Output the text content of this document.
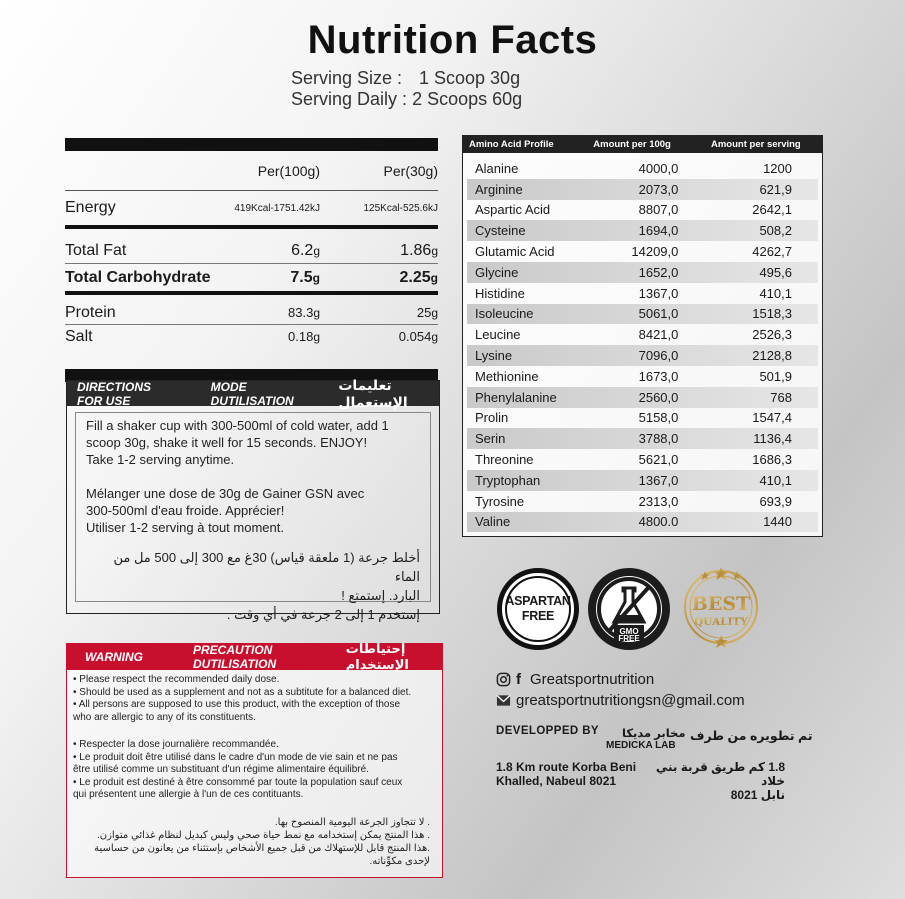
Nutrition Facts
Serving Size : 1 Scoop 30g
Serving Daily :
2 Scoops 60g
Per(100g)	Per(30g)
Energy	419Kcal-1751.42kJ	125Kcal-525.6kJ
Total Fat	6.2g	1.86g
Total Carbohydrate	7.5g	2.25g
Protein	83.3g	25g
Salt	0.18g	0.054g
DIRECTIONS FOR USE
MODE DUTILISATION
تعليمات الإستعمال

Fill a shaker cup with 300-500ml of cold water, add 1

scoop 30g, shake it well for 15 seconds. ENJOY!

Take 1-2 serving anytime.

Mélanger une dose de 30g de Gainer GSN avec

300-500ml d'eau froide. Apprécier!

Utiliser 1-2 serving à tout moment.

أخلط جرعة (1 ملعقة قياس) 30غ مع 300 إلى 500 مل من الماء

البارد. إستمتع !

إستخدم 1 إلى 2 جرعة في أي وقت .

WARNING	PRECAUTION DUTILISATION
إحتياطات الإستخدام

• Please respect the recommended daily dose.

• Should be used as a supplement and not as a subtitute for a balanced diet.

• All persons are supposed to use this product, with the exception of those

who are allergic to any of its constituents.

• Respecter la dose journalière recommandée.

• Le produit doit être utilisé dans le cadre d'un mode de vie sain et ne pas

être utilisé comme un substituant d'un régime alimentaire équilibré.

• Le produit est destiné à être consommé par toute la population sauf ceux

qui présentent une allergie à l'un de ces contituants.

. لا تتجاوز الجرعة اليومية المنصوح بها.

. هذا المنتج يمكن إستخدامه مع نمط حياة صحي وليس كبديل لنظام غذائي متوازن.

.هذا المنتج قابل للإستهلاك من قبل جميع الأشخاص بإستثناء من يعانون من حساسية

لإحدى مكوِّناته.

Amino Acid Profile	Amount per 100g	Amount per serving
Alanine	4000,0	1200
Arginine	2073,0	621,9
Aspartic Acid	8807,0	2642,1
Cysteine	1694,0	508,2
Glutamic Acid	14209,0	4262,7
Glycine	1652,0	495,6
Histidine	1367,0	410,1
Isoleucine	5061,0	1518,3
Leucine	8421,0	2526,3
Lysine	7096,0	2128,8
Methionine	1673,0	501,9
Phenylalanine	2560,0	768
Prolin	5158,0	1547,4
Serin	3788,0	1136,4
Threonine	5621,0	1686,3
Tryptophan	1367,0	410,1
Tyrosine	2313,0	693,9
Valine	4800.0	1440
ASPARTAN
FREE
GMO
FREE
BEST
QUALITY
f Greatsportnutrition
greatsportnutritiongsn@gmail.com
DEVELOPPED BY مخابر مديكا
MEDICKA LAB
تم تطويره من طرف
1.8 Km route Korba Beni
Khalled, Nabeul 8021
1.8 كم طريق قربة بني خلاد
نابل 8021
